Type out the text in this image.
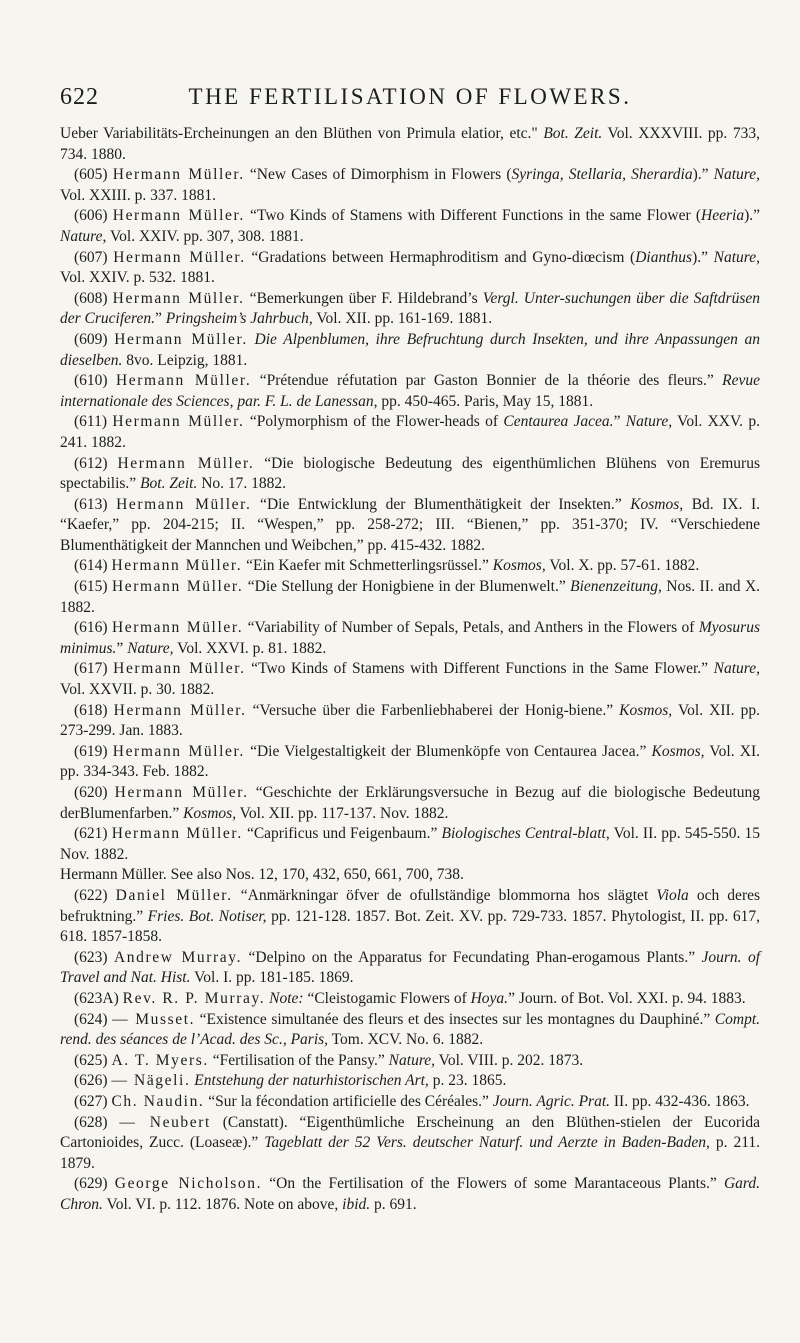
622	THE FERTILISATION OF FLOWERS.

Ueber Variabilitäts-Ercheinungen an den Blüthen von Primula elatior, etc." Bot. Zeit. Vol. XXXVIII. pp. 733, 734. 1880.

(605) Hermann Müller. “New Cases of Dimorphism in Flowers (Syringa, Stellaria, Sherardia).” Nature, Vol. XXIII. p. 337. 1881.

(606) Hermann Müller. “Two Kinds of Stamens with Different Functions in the same Flower (Heeria).” Nature, Vol. XXIV. pp. 307, 308. 1881.

(607) Hermann Müller. “Gradations between Hermaphroditism and Gyno-diœcism (Dianthus).” Nature, Vol. XXIV. p. 532. 1881.

(608) Hermann Müller. “Bemerkungen über F. Hildebrand’s Vergl. Unter-suchungen über die Saftdrüsen der Cruciferen.” Pringsheim’s Jahrbuch, Vol. XII. pp. 161-169. 1881.

(609) Hermann Müller. Die Alpenblumen, ihre Befruchtung durch Insekten, und ihre Anpassungen an dieselben. 8vo. Leipzig, 1881.

(610) Hermann Müller. “Prétendue réfutation par Gaston Bonnier de la théorie des fleurs.” Revue internationale des Sciences, par. F. L. de Lanessan, pp. 450-465. Paris, May 15, 1881.

(611) Hermann Müller. “Polymorphism of the Flower-heads of Centaurea Jacea.” Nature, Vol. XXV. p. 241. 1882.

(612) Hermann Müller. “Die biologische Bedeutung des eigenthümlichen Blühens von Eremurus spectabilis.” Bot. Zeit. No. 17. 1882.

(613) Hermann Müller. “Die Entwicklung der Blumenthätigkeit der Insekten.” Kosmos, Bd. IX. I. “Kaefer,” pp. 204-215; II. “Wespen,” pp. 258-272; III. “Bienen,” pp. 351-370; IV. “Verschiedene Blumenthätigkeit der Mannchen und Weibchen,” pp. 415-432. 1882.

(614) Hermann Müller. “Ein Kaefer mit Schmetterlingsrüssel.” Kosmos, Vol. X. pp. 57-61. 1882.

(615) Hermann Müller. “Die Stellung der Honigbiene in der Blumenwelt.” Bienenzeitung, Nos. II. and X. 1882.

(616) Hermann Müller. “Variability of Number of Sepals, Petals, and Anthers in the Flowers of Myosurus minimus.” Nature, Vol. XXVI. p. 81. 1882.

(617) Hermann Müller. “Two Kinds of Stamens with Different Functions in the Same Flower.” Nature, Vol. XXVII. p. 30. 1882.

(618) Hermann Müller. “Versuche über die Farbenliebhaberei der Honig-biene.” Kosmos, Vol. XII. pp. 273-299. Jan. 1883.

(619) Hermann Müller. “Die Vielgestaltigkeit der Blumenköpfe von Centaurea Jacea.” Kosmos, Vol. XI. pp. 334-343. Feb. 1882.

(620) Hermann Müller. “Geschichte der Erklärungsversuche in Bezug auf die biologische Bedeutung derBlumenfarben.” Kosmos, Vol. XII. pp. 117-137. Nov. 1882.

(621) Hermann Müller. “Caprificus und Feigenbaum.” Biologisches Central-blatt, Vol. II. pp. 545-550. 15 Nov. 1882.

Hermann Müller. See also Nos. 12, 170, 432, 650, 661, 700, 738.

(622) Daniel Müller. “Anmärkningar öfver de ofullständige blommorna hos slägtet Viola och deres befruktning.” Fries. Bot. Notiser, pp. 121-128. 1857. Bot. Zeit. XV. pp. 729-733. 1857. Phytologist, II. pp. 617, 618. 1857-1858.

(623) Andrew Murray. “Delpino on the Apparatus for Fecundating Phan-erogamous Plants.” Journ. of Travel and Nat. Hist. Vol. I. pp. 181-185. 1869.

(623A) Rev. R. P. Murray. Note: “Cleistogamic Flowers of Hoya.” Journ. of Bot. Vol. XXI. p. 94. 1883.

(624) — Musset. “Existence simultanée des fleurs et des insectes sur les montagnes du Dauphiné.” Compt. rend. des séances de l’Acad. des Sc., Paris, Tom. XCV. No. 6. 1882.

(625) A. T. Myers. “Fertilisation of the Pansy.” Nature, Vol. VIII. p. 202. 1873.

(626) — Nägeli. Entstehung der naturhistorischen Art, p. 23. 1865.

(627) Ch. Naudin. “Sur la fécondation artificielle des Céréales.” Journ. Agric. Prat. II. pp. 432-436. 1863.

(628) — Neubert (Canstatt). “Eigenthümliche Erscheinung an den Blüthen-stielen der Eucorida Cartonioides, Zucc. (Loaseæ).” Tageblatt der 52 Vers. deutscher Naturf. und Aerzte in Baden-Baden, p. 211. 1879.

(629) George Nicholson. “On the Fertilisation of the Flowers of some Marantaceous Plants.” Gard. Chron. Vol. VI. p. 112. 1876. Note on above, ibid. p. 691.
